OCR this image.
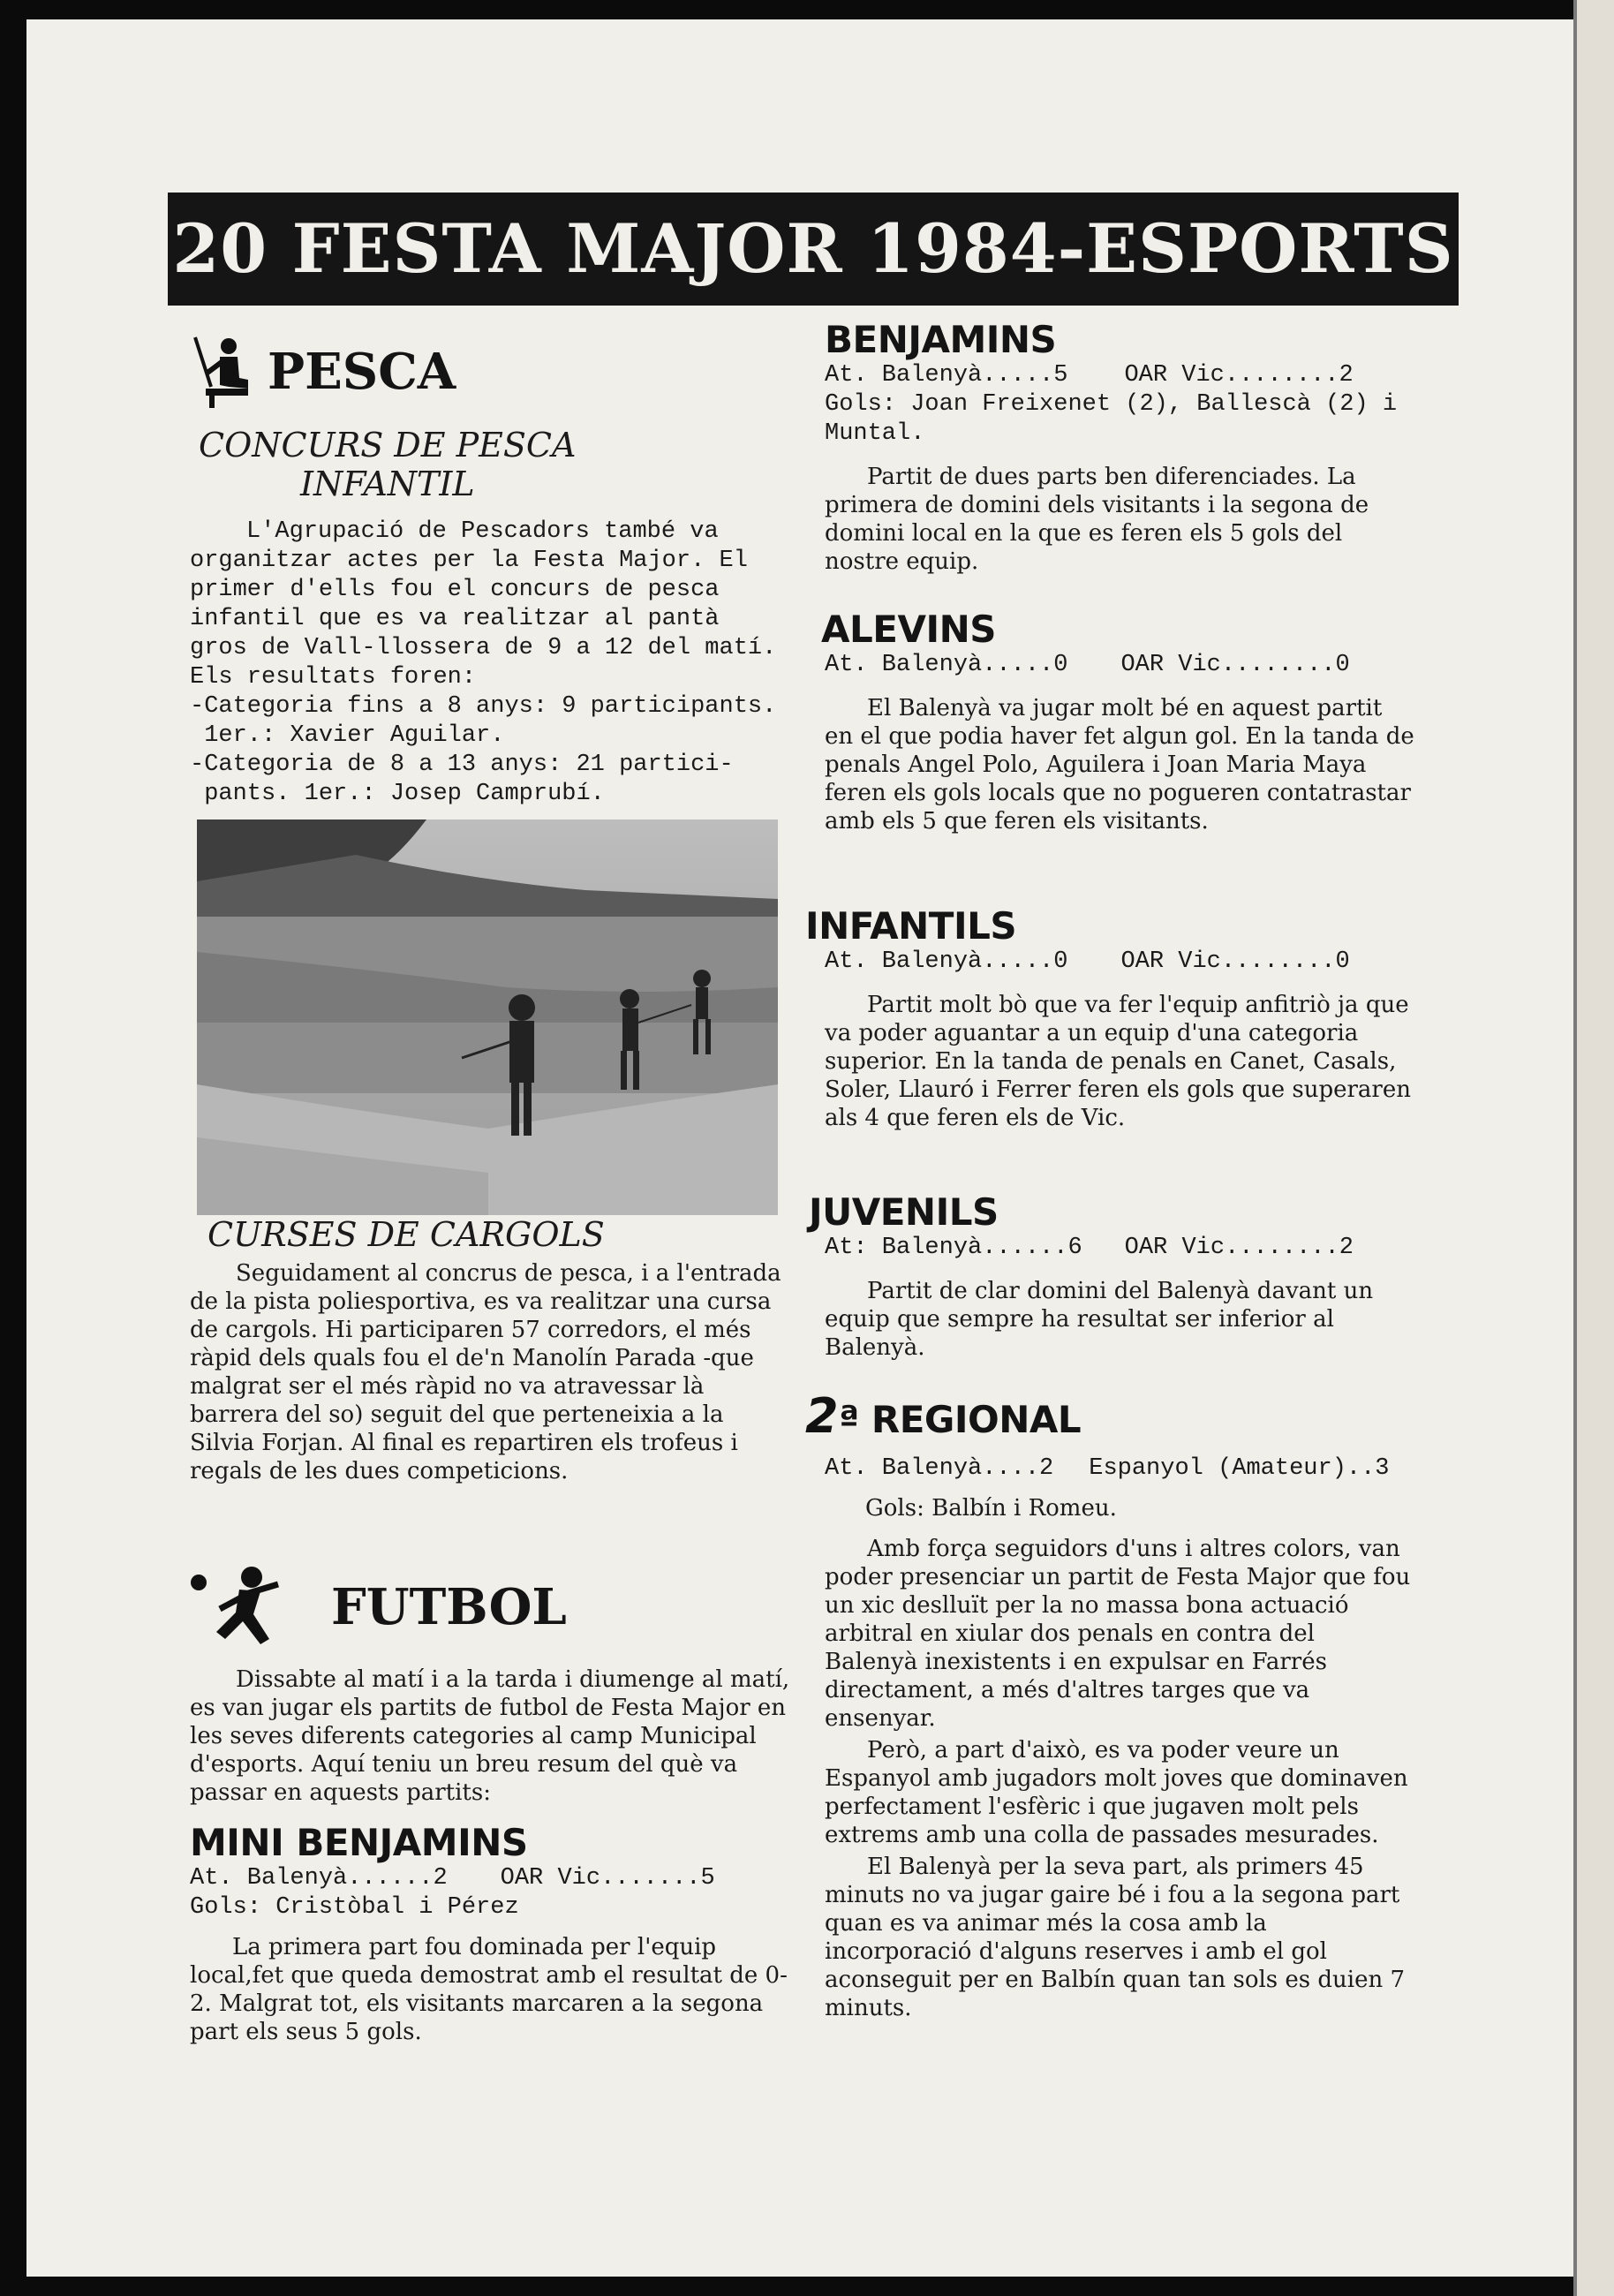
20 FESTA MAJOR 1984-ESPORTS
PESCA
CONCURS DE PESCA
INFANTIL

L'Agrupació de Pescadors també va organitzar actes per la Festa Major. El primer d'ells fou el concurs de pesca infantil que es va realitzar al pantà gros de Vall-llossera de 9 a 12 del matí. Els resultats foren:

-Categoria fins a 8 anys: 9 participants.

1er.: Xavier Aguilar.

-Categoria de 8 a 13 anys: 21 partici-

pants. 1er.: Josep Camprubí.

CURSES DE CARGOLS

Seguidament al concrus de pesca, i a l'entrada de la pista poliesportiva, es va realitzar una cursa de cargols. Hi participaren 57 corredors, el més ràpid dels quals fou el de'n Manolín Parada -que malgrat ser el més ràpid no va atravessar là barrera del so) seguit del que perteneixia a la Silvia Forjan. Al final es repartiren els trofeus i regals de les dues competicions.

FUTBOL

Dissabte al matí i a la tarda i diumenge al matí, es van jugar els partits de futbol de Festa Major en les seves diferents categories al camp Municipal d'esports. Aquí teniu un breu resum del què va passar en aquests partits:

MINI BENJAMINS
At. Balenyà......2 OAR Vic.......5

Gols: Cristòbal i Pérez

La primera part fou dominada per l'equip local,fet que queda demostrat amb el resultat de 0-2. Malgrat tot, els visitants marcaren a la segona part els seus 5 gols.

BENJAMINS
At. Balenyà.....5 OAR Vic........2

Gols: Joan Freixenet (2), Ballescà (2) i Muntal.

Partit de dues parts ben diferenciades. La primera de domini dels visitants i la segona de domini local en la que es feren els 5 gols del nostre equip.

ALEVINS
At. Balenyà.....0 OAR Vic........0

El Balenyà va jugar molt bé en aquest partit en el que podia haver fet algun gol. En la tanda de penals Angel Polo, Aguilera i Joan Maria Maya feren els gols locals que no pogueren contatrastar amb els 5 que feren els visitants.

INFANTILS
At. Balenyà.....0 OAR Vic........0

Partit molt bò que va fer l'equip anfitriò ja que va poder aguantar a un equip d'una categoria superior. En la tanda de penals en Canet, Casals, Soler, Llauró i Ferrer feren els gols que superaren als 4 que feren els de Vic.

JUVENILS
At: Balenyà......6 OAR Vic........2

Partit de clar domini del Balenyà davant un equip que sempre ha resultat ser inferior al Balenyà.

2 ª REGIONAL
At. Balenyà....2 Espanyol (Amateur)..3

Gols: Balbín i Romeu.

Amb força seguidors d'uns i altres colors, van poder presenciar un partit de Festa Major que fou un xic deslluït per la no massa bona actuació arbitral en xiular dos penals en contra del Balenyà inexistents i en expulsar en Farrés directament, a més d'altres targes que va ensenyar.

Però, a part d'això, es va poder veure un Espanyol amb jugadors molt joves que dominaven perfectament l'esfèric i que jugaven molt pels extrems amb una colla de passades mesurades.

El Balenyà per la seva part, als primers 45 minuts no va jugar gaire bé i fou a la segona part quan es va animar més la cosa amb la incorporació d'alguns reserves i amb el gol aconseguit per en Balbín quan tan sols es duien 7 minuts.
